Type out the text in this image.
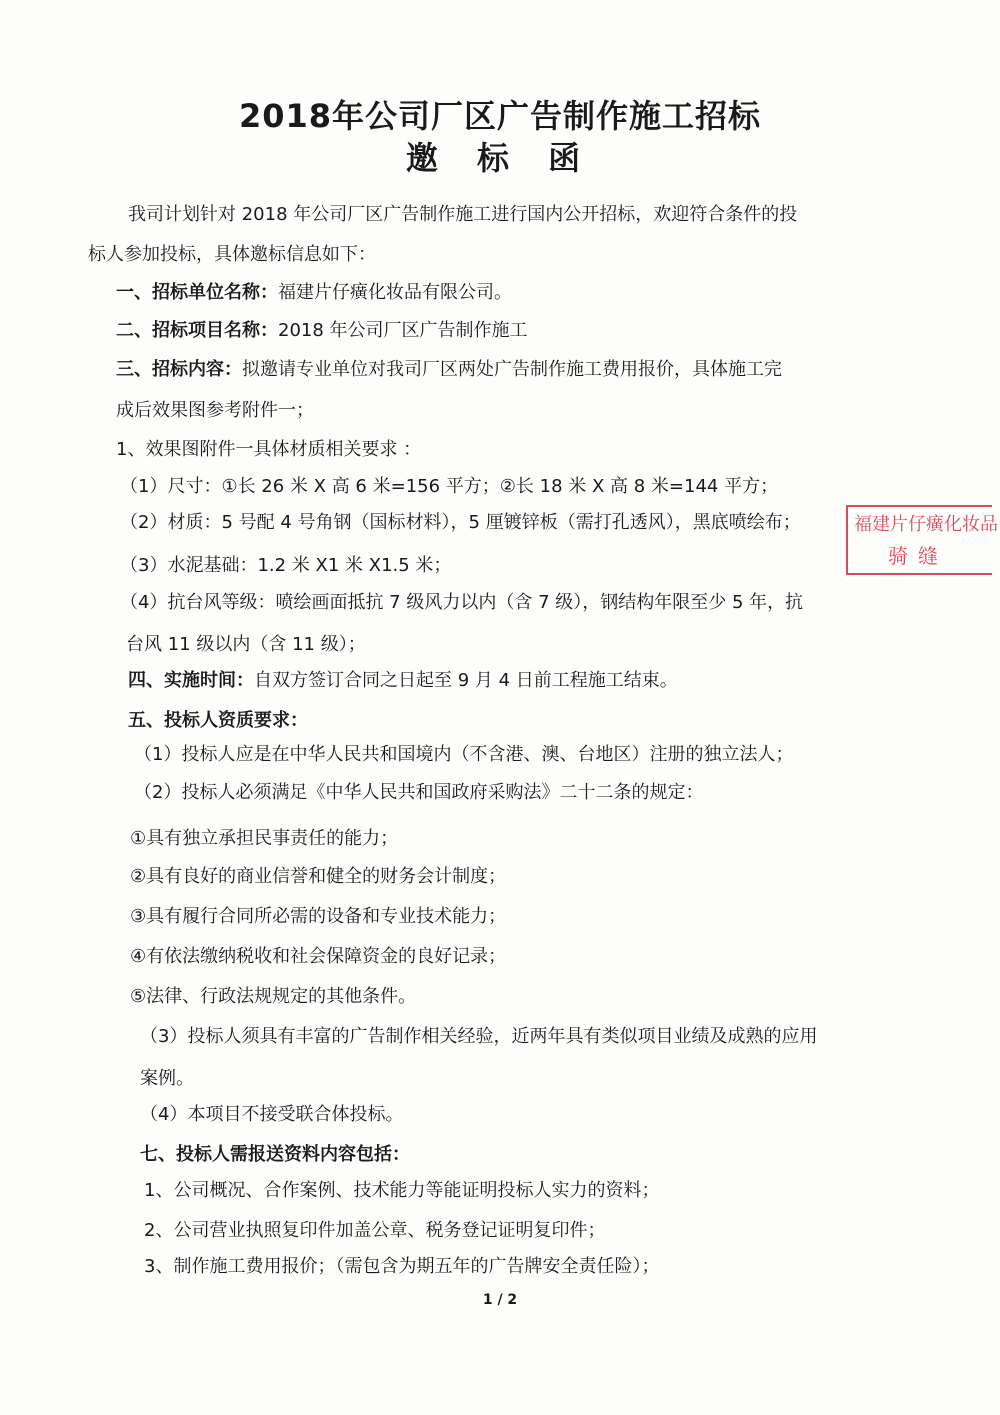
2018年公司厂区广告制作施工招标
邀 标 函
我司计划针对 2018 年公司厂区广告制作施工进行国内公开招标，欢迎符合条件的投
标人参加投标，具体邀标信息如下：
一、招标单位名称：福建片仔癀化妆品有限公司。
二、招标项目名称：2018 年公司厂区广告制作施工
三、招标内容：拟邀请专业单位对我司厂区两处广告制作施工费用报价，具体施工完
成后效果图参考附件一；
1、效果图附件一具体材质相关要求 ：
（1）尺寸：①长 26 米 X 高 6 米=156 平方；②长 18 米 X 高 8 米=144 平方；
（2）材质：5 号配 4 号角钢（国标材料），5 厘镀锌板（需打孔透风），黑底喷绘布；
（3）水泥基础：1.2 米 X1 米 X1.5 米；
（4）抗台风等级：喷绘画面抵抗 7 级风力以内（含 7 级），钢结构年限至少 5 年，抗
台风 11 级以内（含 11 级）；
四、实施时间：自双方签订合同之日起至 9 月 4 日前工程施工结束。
五、投标人资质要求：
（1）投标人应是在中华人民共和国境内（不含港、澳、台地区）注册的独立法人；
（2）投标人必须满足《中华人民共和国政府采购法》二十二条的规定：
①具有独立承担民事责任的能力；
②具有良好的商业信誉和健全的财务会计制度；
③具有履行合同所必需的设备和专业技术能力；
④有依法缴纳税收和社会保障资金的良好记录；
⑤法律、行政法规规定的其他条件。
（3）投标人须具有丰富的广告制作相关经验，近两年具有类似项目业绩及成熟的应用
案例。
（4）本项目不接受联合体投标。
七、投标人需报送资料内容包括：
1、公司概况、合作案例、技术能力等能证明投标人实力的资料；
2、公司营业执照复印件加盖公章、税务登记证明复印件；
3、制作施工费用报价；（需包含为期五年的广告牌安全责任险）；
福建片仔癀化妆品
骑缝
1 / 2
